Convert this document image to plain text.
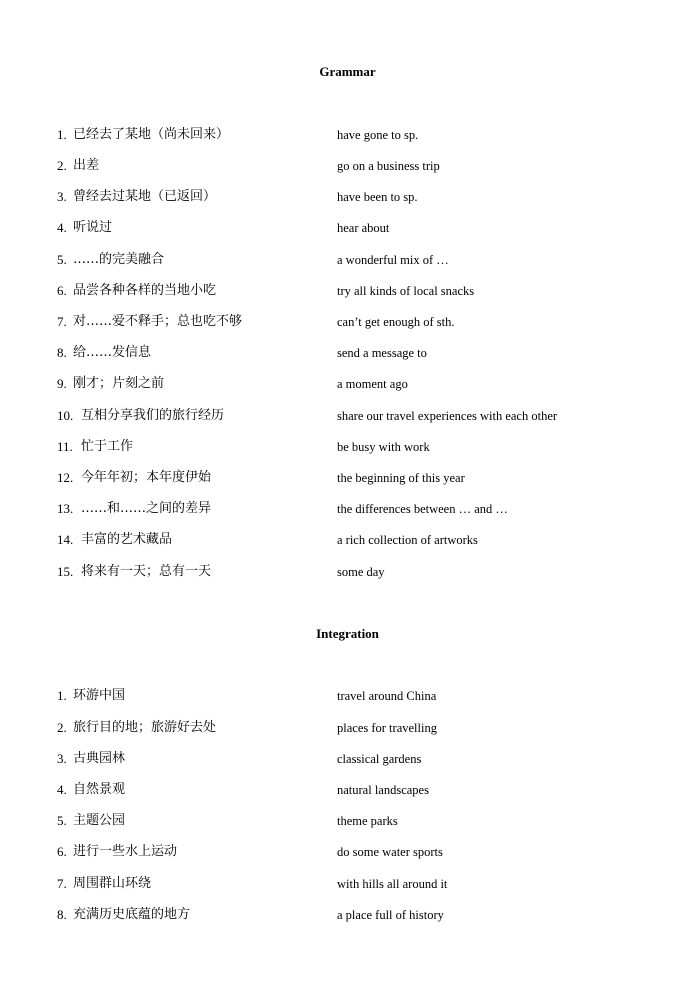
Grammar
1. 已经去了某地（尚未回来）	have gone to sp.
2. 出差	go on a business trip
3. 曾经去过某地（已返回）	have been to sp.
4. 听说过	hear about
5. ……的完美融合	a wonderful mix of …
6. 品尝各种各样的当地小吃	try all kinds of local snacks
7. 对……爱不释手；总也吃不够	can’t get enough of sth.
8. 给……发信息	send a message to
9. 刚才；片刻之前	a moment ago
10. 互相分享我们的旅行经历	share our travel experiences with each other
11. 忙于工作	be busy with work
12. 今年年初；本年度伊始	the beginning of this year
13. ……和……之间的差异	the differences between … and …
14. 丰富的艺术藏品	a rich collection of artworks
15. 将来有一天；总有一天	some day
Integration
1. 环游中国	travel around China
2. 旅行目的地；旅游好去处	places for travelling
3. 古典园林	classical gardens
4. 自然景观	natural landscapes
5. 主题公园	theme parks
6. 进行一些水上运动	do some water sports
7. 周围群山环绕	with hills all around it
8. 充满历史底蕴的地方	a place full of history
